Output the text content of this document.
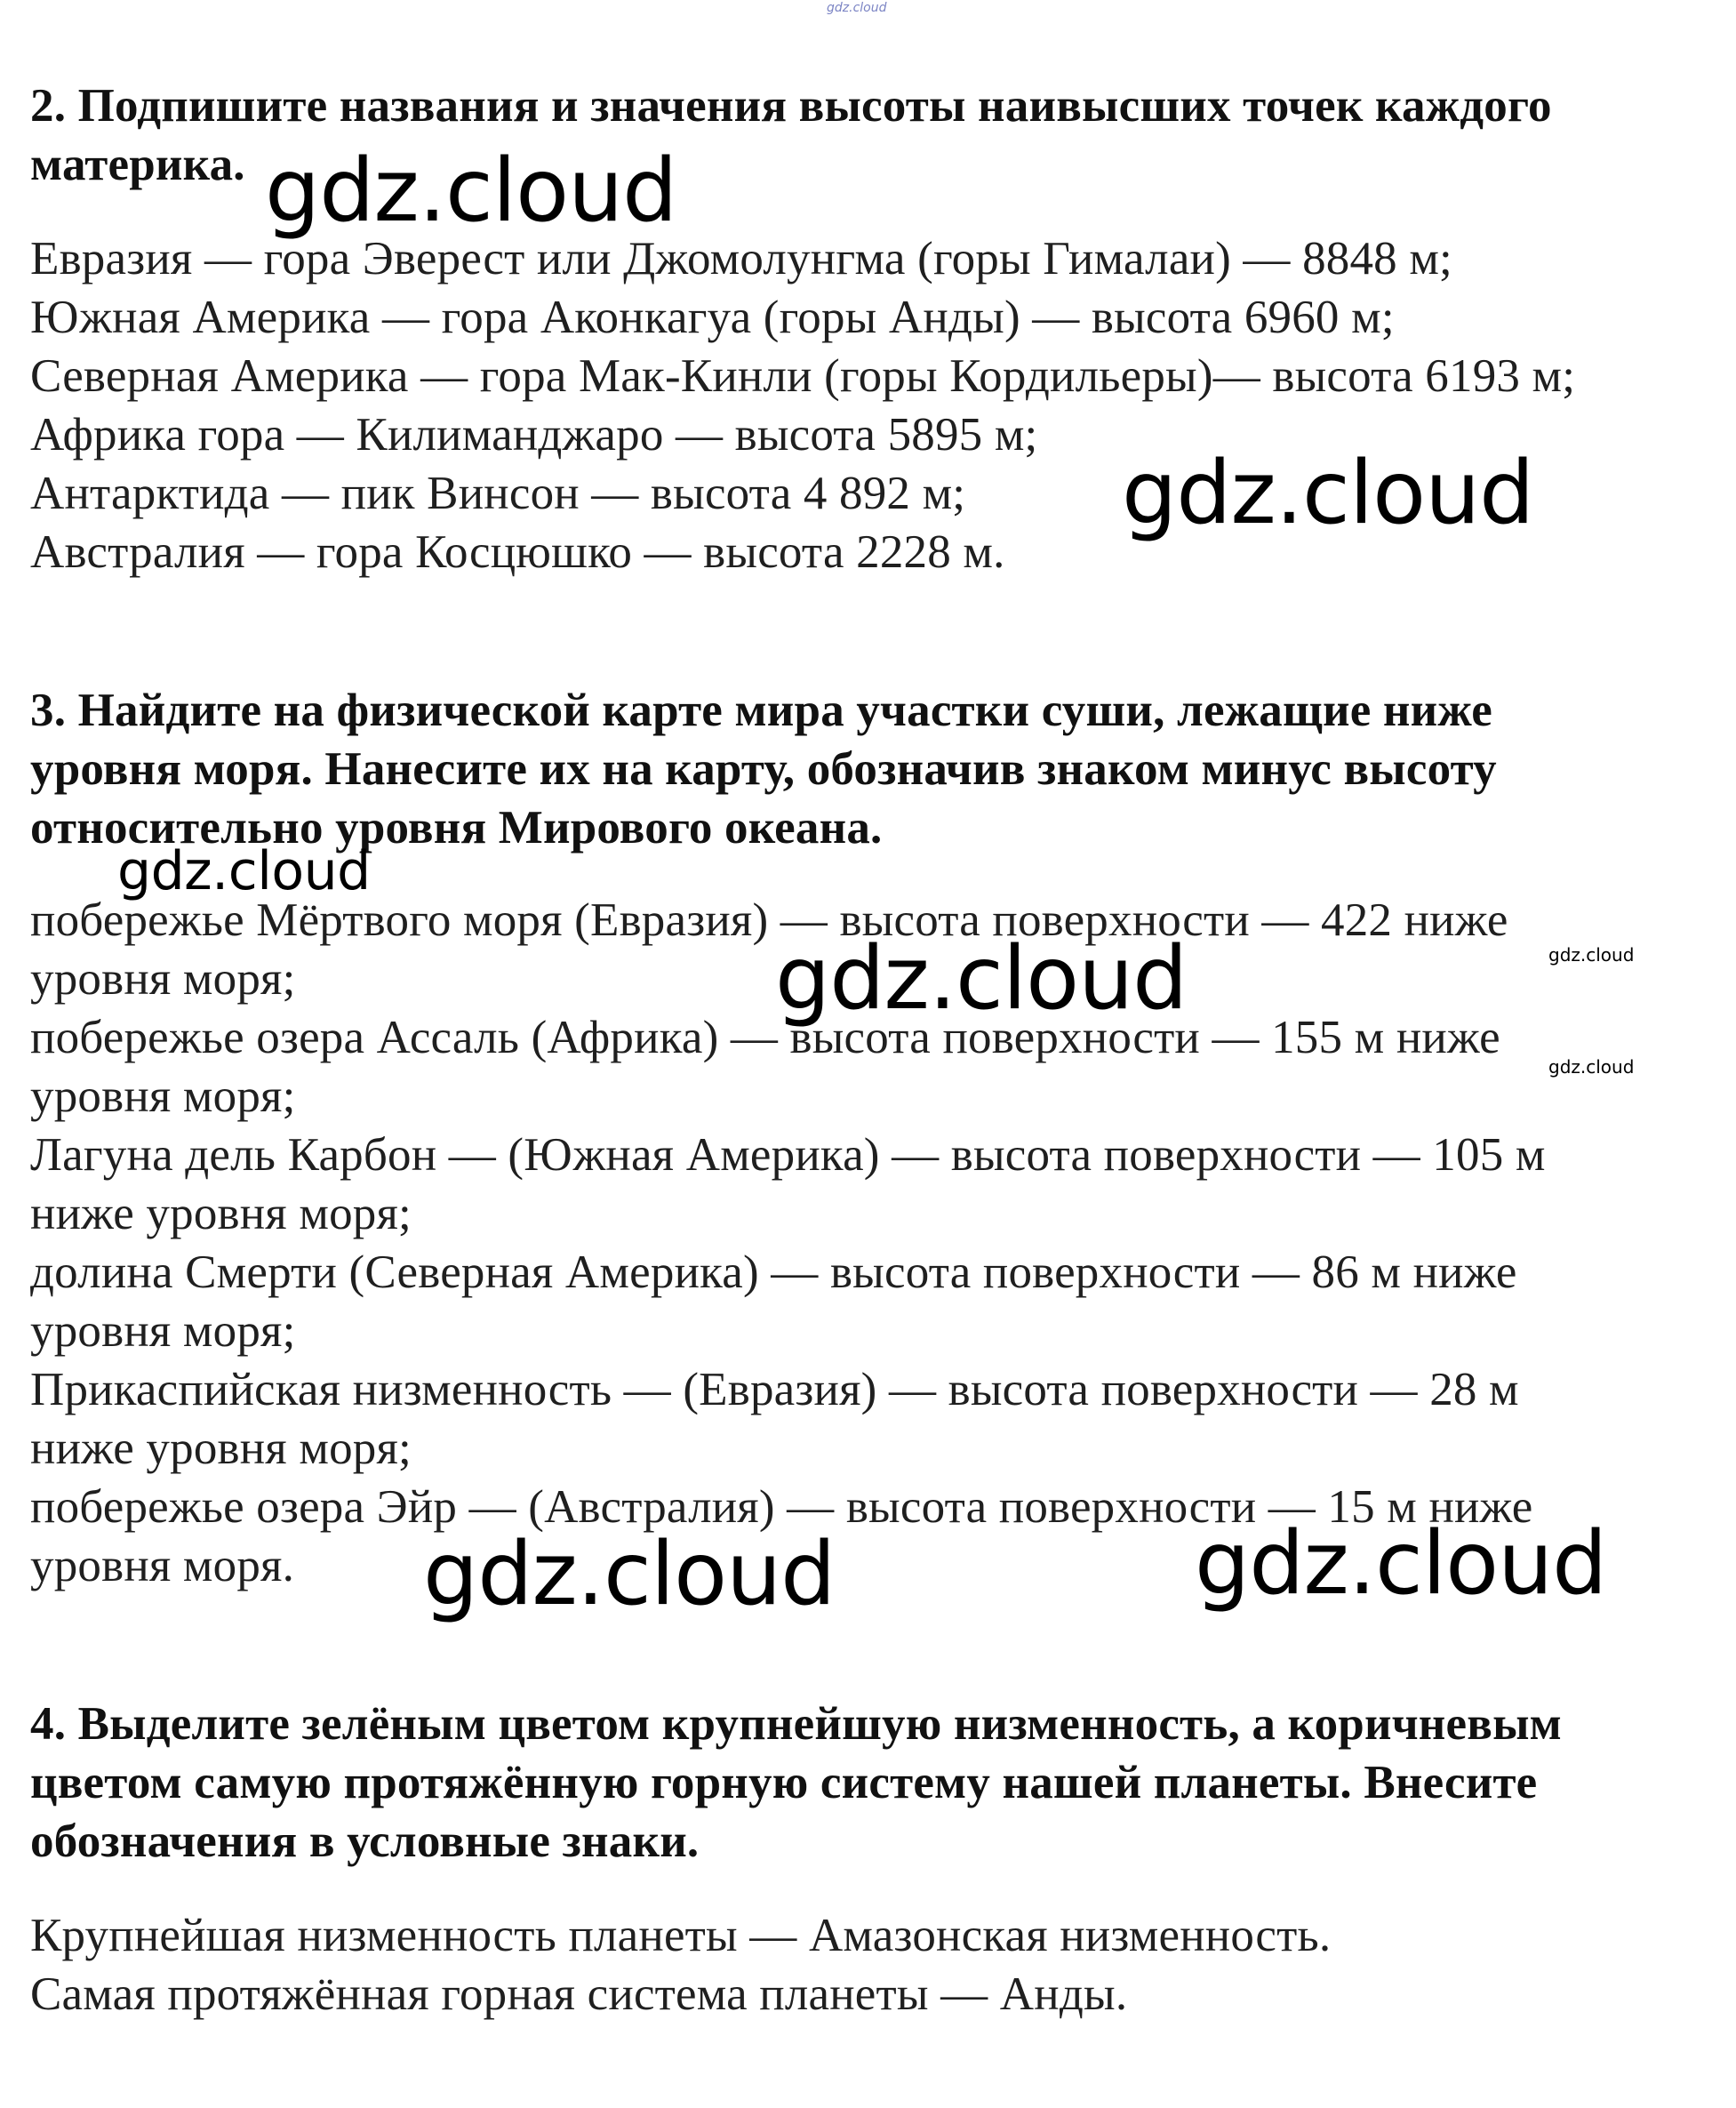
gdz.cloud
2. Подпишите названия и значения высоты наивысших точек каждого
материка.
Евразия — гора Эверест или Джомолунгма (горы Гималаи) — 8848 м;
Южная Америка — гора Аконкагуа (горы Анды) — высота 6960 м;
Северная Америка — гора Мак-Кинли (горы Кордильеры)— высота 6193 м;
Африка гора — Килиманджаро — высота 5895 м;
Антарктида — пик Винсон — высота 4 892 м;
Австралия — гора Косцюшко — высота 2228 м.
3. Найдите на физической карте мира участки суши, лежащие ниже
уровня моря. Нанесите их на карту, обозначив знаком минус высоту
относительно уровня Мирового океана.
побережье Мёртвого моря (Евразия) — высота поверхности — 422 ниже
уровня моря;
побережье озера Ассаль (Африка) — высота поверхности — 155 м ниже
уровня моря;
Лагуна дель Карбон — (Южная Америка) — высота поверхности — 105 м
ниже уровня моря;
долина Смерти (Северная Америка) — высота поверхности — 86 м ниже
уровня моря;
Прикаспийская низменность — (Евразия) — высота поверхности — 28 м
ниже уровня моря;
побережье озера Эйр — (Австралия) — высота поверхности — 15 м ниже
уровня моря.
4. Выделите зелёным цветом крупнейшую низменность, а коричневым
цветом самую протяжённую горную систему нашей планеты. Внесите
обозначения в условные знаки.
Крупнейшая низменность планеты — Амазонская низменность.
Самая протяжённая горная система планеты — Анды.
gdz.cloud
gdz.cloud
gdz.cloud
gdz.cloud	gdz.cloud
gdz.cloud
gdz.cloud	gdz.cloud
